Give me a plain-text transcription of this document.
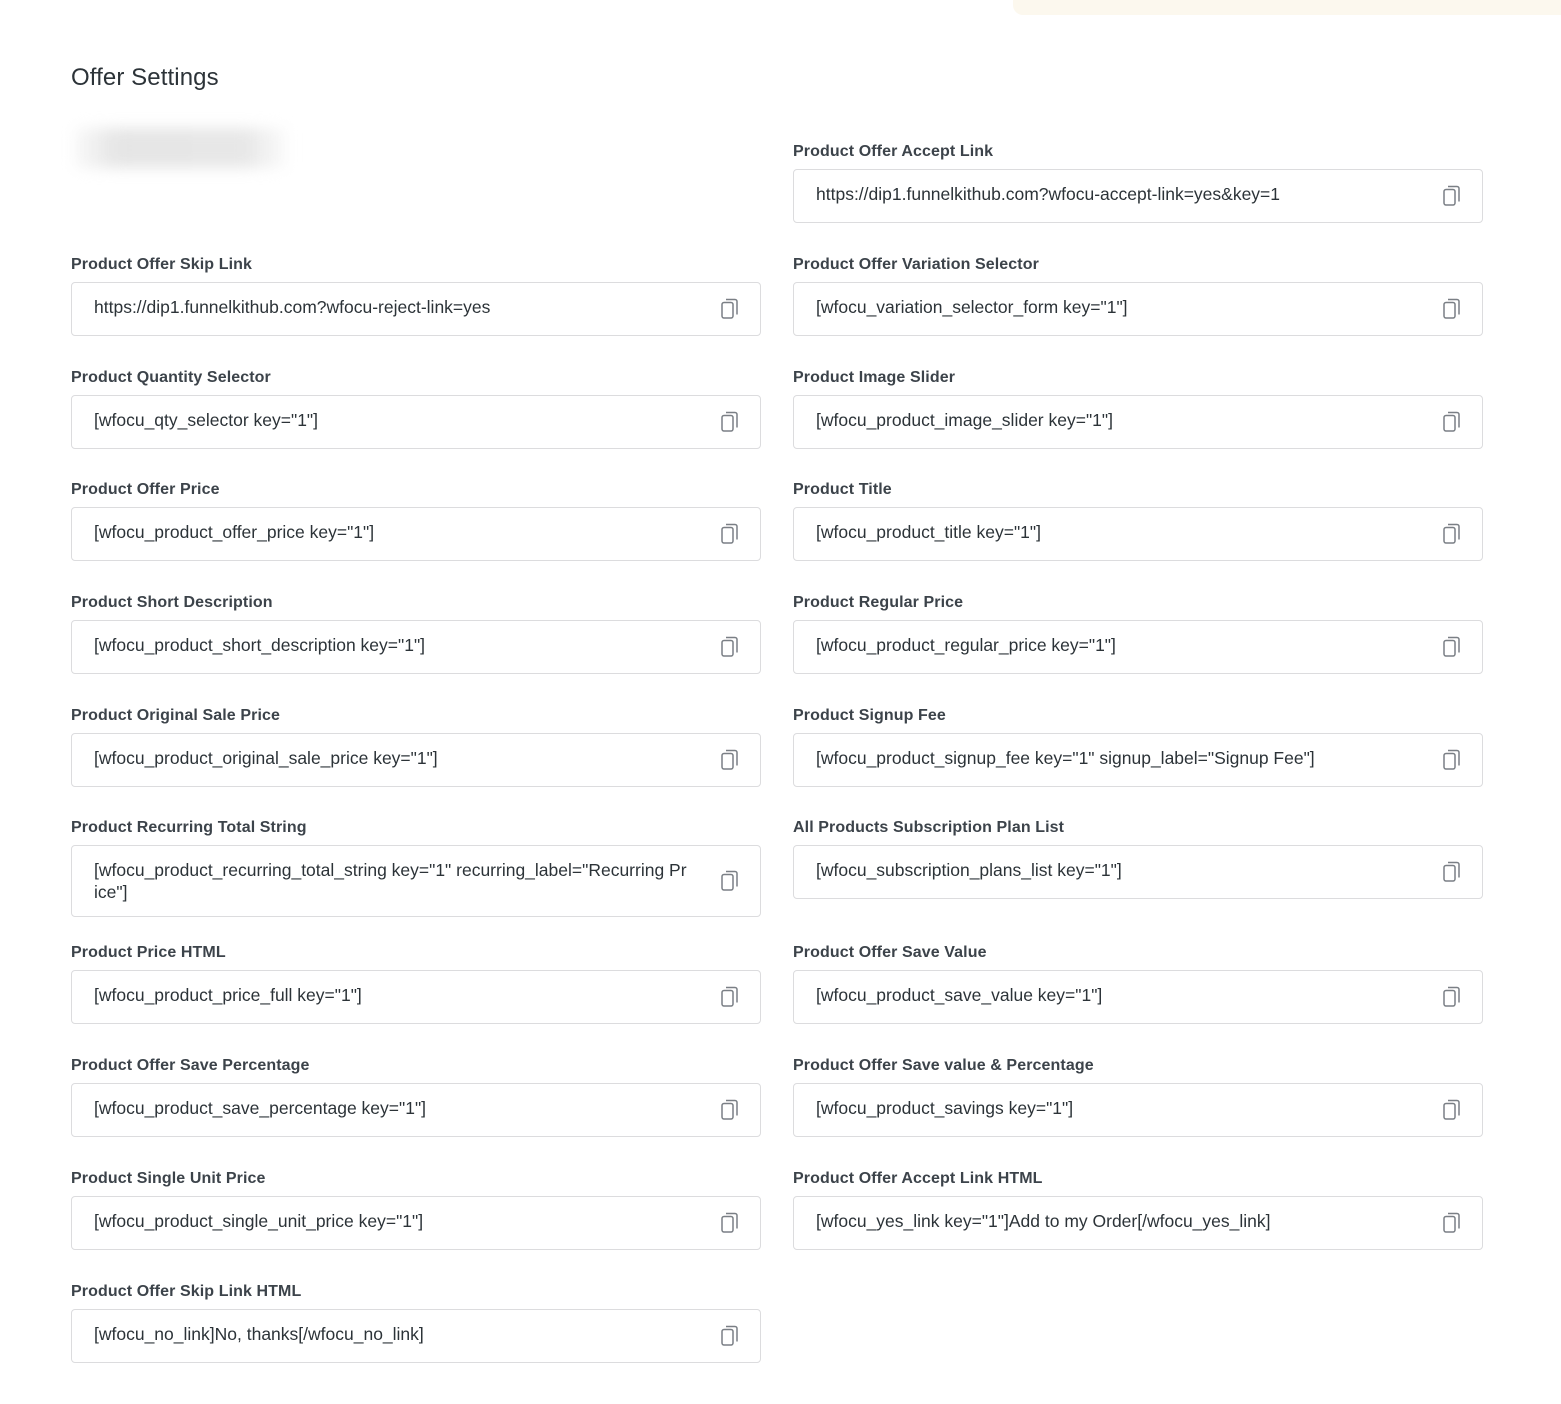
Offer Settings
Product Offer Accept Link
https://dip1.funnelkithub.com?wfocu-accept-link=yes&key=1
Product Offer Skip Link
https://dip1.funnelkithub.com?wfocu-reject-link=yes
Product Offer Variation Selector
[wfocu_variation_selector_form key="1"]
Product Quantity Selector
[wfocu_qty_selector key="1"]
Product Image Slider
[wfocu_product_image_slider key="1"]
Product Offer Price
[wfocu_product_offer_price key="1"]
Product Title
[wfocu_product_title key="1"]
Product Short Description
[wfocu_product_short_description key="1"]
Product Regular Price
[wfocu_product_regular_price key="1"]
Product Original Sale Price
[wfocu_product_original_sale_price key="1"]
Product Signup Fee
[wfocu_product_signup_fee key="1" signup_label="Signup Fee"]
Product Recurring Total String
[wfocu_product_recurring_total_string key="1" recurring_label="Recurring Price"]
All Products Subscription Plan List
[wfocu_subscription_plans_list key="1"]
Product Price HTML
[wfocu_product_price_full key="1"]
Product Offer Save Value
[wfocu_product_save_value key="1"]
Product Offer Save Percentage
[wfocu_product_save_percentage key="1"]
Product Offer Save value & Percentage
[wfocu_product_savings key="1"]
Product Single Unit Price
[wfocu_product_single_unit_price key="1"]
Product Offer Accept Link HTML
[wfocu_yes_link key="1"]Add to my Order[/wfocu_yes_link]
Product Offer Skip Link HTML
[wfocu_no_link]No, thanks[/wfocu_no_link]
